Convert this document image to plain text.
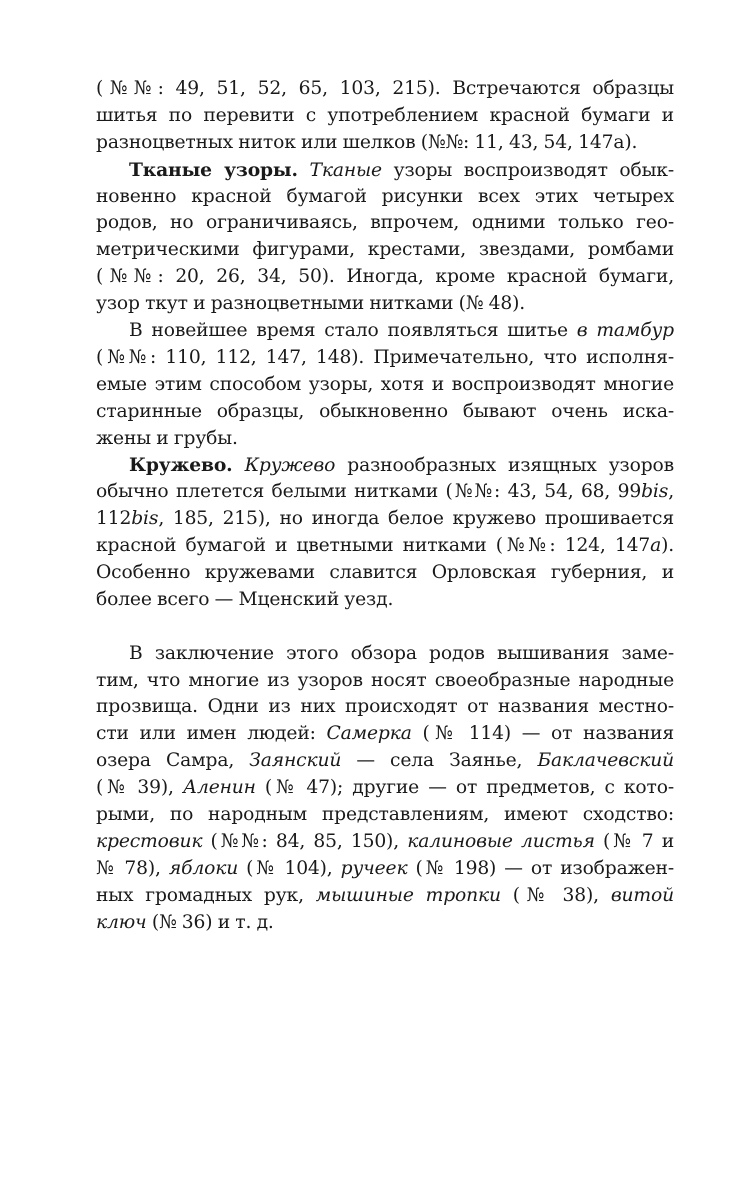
(№№: 49, 51, 52, 65, 103, 215). Встречаются образцы
шитья по перевити с употреблением красной бумаги и
разноцветных ниток или шелков (№№: 11, 43, 54, 147а).
Тканые узоры. Тканые узоры воспроизводят обык-
новенно красной бумагой рисунки всех этих четырех
родов, но ограничиваясь, впрочем, одними только гео-
метрическими фигурами, крестами, звездами, ромбами
(№№: 20, 26, 34, 50). Иногда, кроме красной бумаги,
узор ткут и разноцветными нитками (№ 48).
В новейшее время стало появляться шитье в тамбур
(№№: 110, 112, 147, 148). Примечательно, что исполня-
емые этим способом узоры, хотя и воспроизводят многие
старинные образцы, обыкновенно бывают очень иска-
жены и грубы.
Кружево. Кружево разнообразных изящных узоров
обычно плетется белыми нитками (№№: 43, 54, 68, 99bis,
112bis, 185, 215), но иногда белое кружево прошивается
красной бумагой и цветными нитками (№№: 124, 147а).
Особенно кружевами славится Орловская губерния, и
более всего — Мценский уезд.
В заключение этого обзора родов вышивания заме-
тим, что многие из узоров носят своеобразные народные
прозвища. Одни из них происходят от названия местно-
сти или имен людей: Самерка (№ 114) — от названия
озера Самра, Заянский — села Заянье, Баклачевский
(№ 39), Аленин (№ 47); другие — от предметов, с кото-
рыми, по народным представлениям, имеют сходство:
крестовик (№№: 84, 85, 150), калиновые листья (№ 7 и
№ 78), яблоки (№ 104), ручеек (№ 198) — от изображен-
ных громадных рук, мышиные тропки (№ 38), витой
ключ (№ 36) и т. д.
